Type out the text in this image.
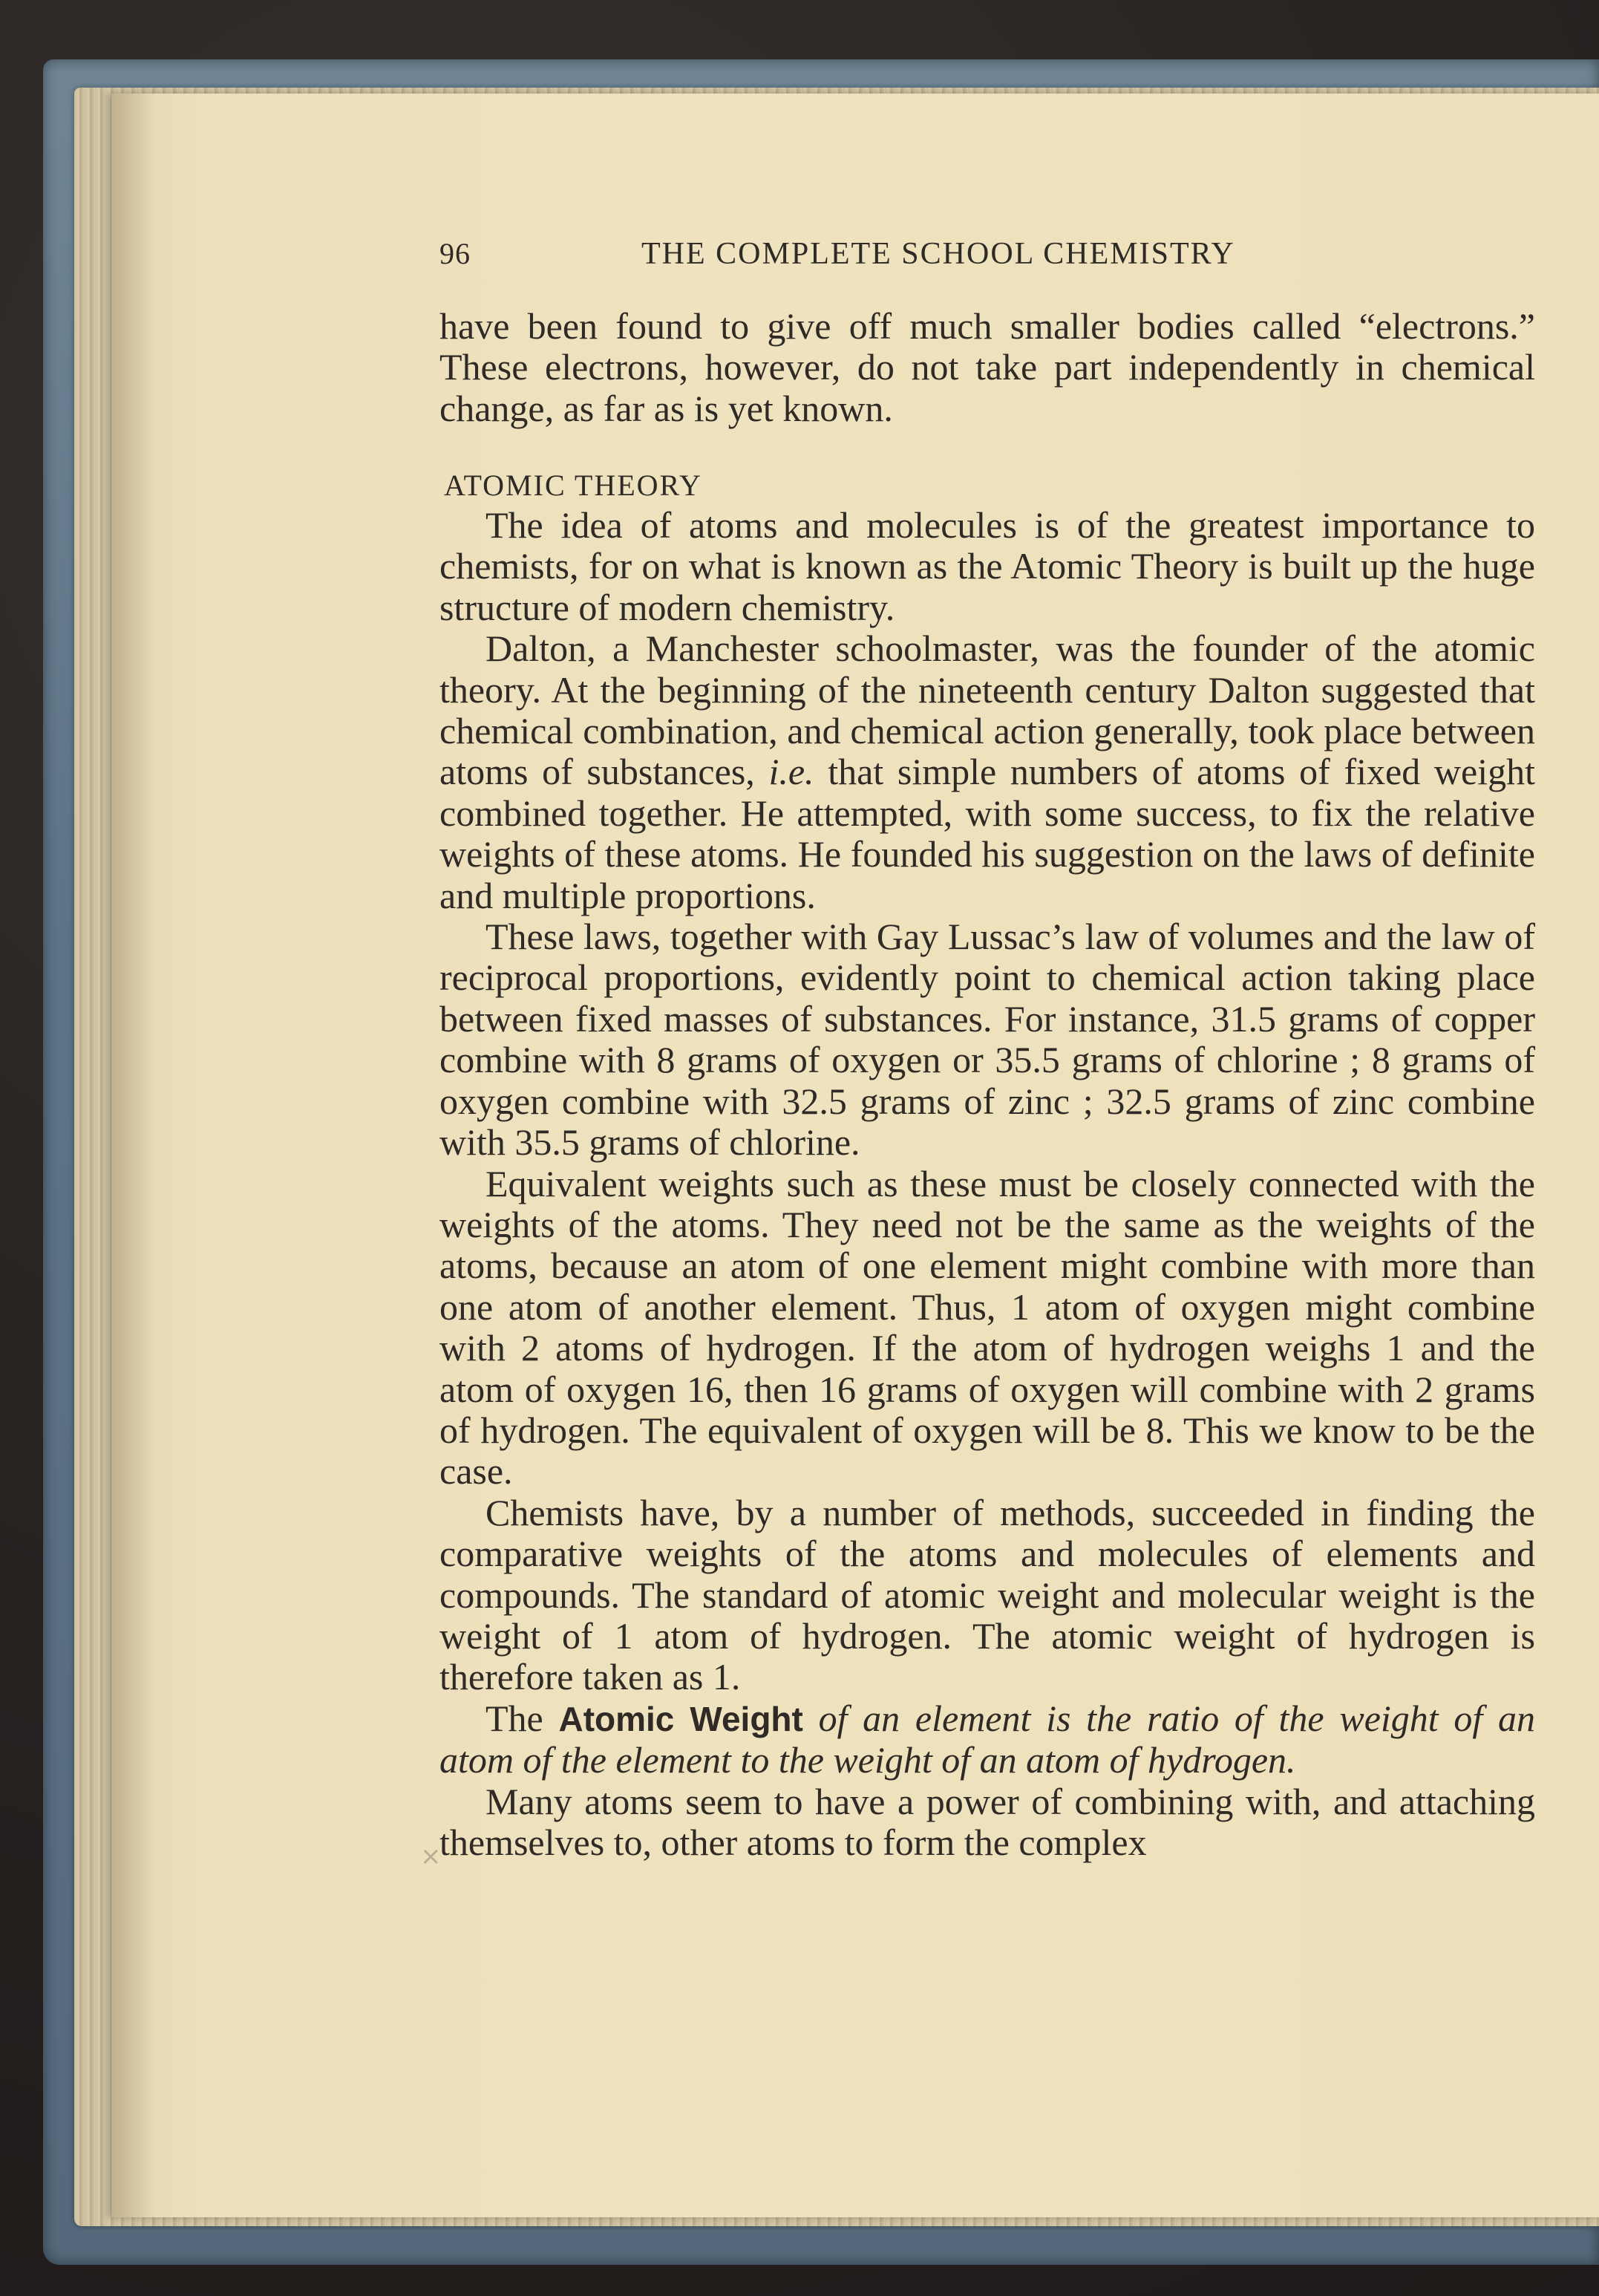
96	THE COMPLETE SCHOOL CHEMISTRY

have been found to give off much smaller bodies called “electrons.” These electrons, however, do not take part independently in chemical change, as far as is yet known.

ATOMIC THEORY

The idea of atoms and molecules is of the greatest importance to chemists, for on what is known as the Atomic Theory is built up the huge structure of modern chemistry.

Dalton, a Manchester schoolmaster, was the founder of the atomic theory. At the beginning of the nineteenth century Dalton suggested that chemical combination, and chemical action generally, took place between atoms of substances, i.e. that simple numbers of atoms of fixed weight combined together. He attempted, with some success, to fix the relative weights of these atoms. He founded his suggestion on the laws of definite and multiple proportions.

These laws, together with Gay Lussac’s law of volumes and the law of reciprocal proportions, evidently point to chemical action taking place between fixed masses of substances. For instance, 31.5 grams of copper combine with 8 grams of oxygen or 35.5 grams of chlorine ; 8 grams of oxygen combine with 32.5 grams of zinc ; 32.5 grams of zinc combine with 35.5 grams of chlorine.

Equivalent weights such as these must be closely connected with the weights of the atoms. They need not be the same as the weights of the atoms, because an atom of one element might combine with more than one atom of another element. Thus, 1 atom of oxygen might combine with 2 atoms of hydrogen. If the atom of hydrogen weighs 1 and the atom of oxygen 16, then 16 grams of oxygen will combine with 2 grams of hydrogen. The equivalent of oxygen will be 8. This we know to be the case.

Chemists have, by a number of methods, succeeded in finding the comparative weights of the atoms and molecules of elements and compounds. The standard of atomic weight and molecular weight is the weight of 1 atom of hydrogen. The atomic weight of hydrogen is therefore taken as 1.

The Atomic Weight of an element is the ratio of the weight of an atom of the element to the weight of an atom of hydrogen.

Many atoms seem to have a power of combining with, and attaching themselves to, other atoms to form the complex

×
